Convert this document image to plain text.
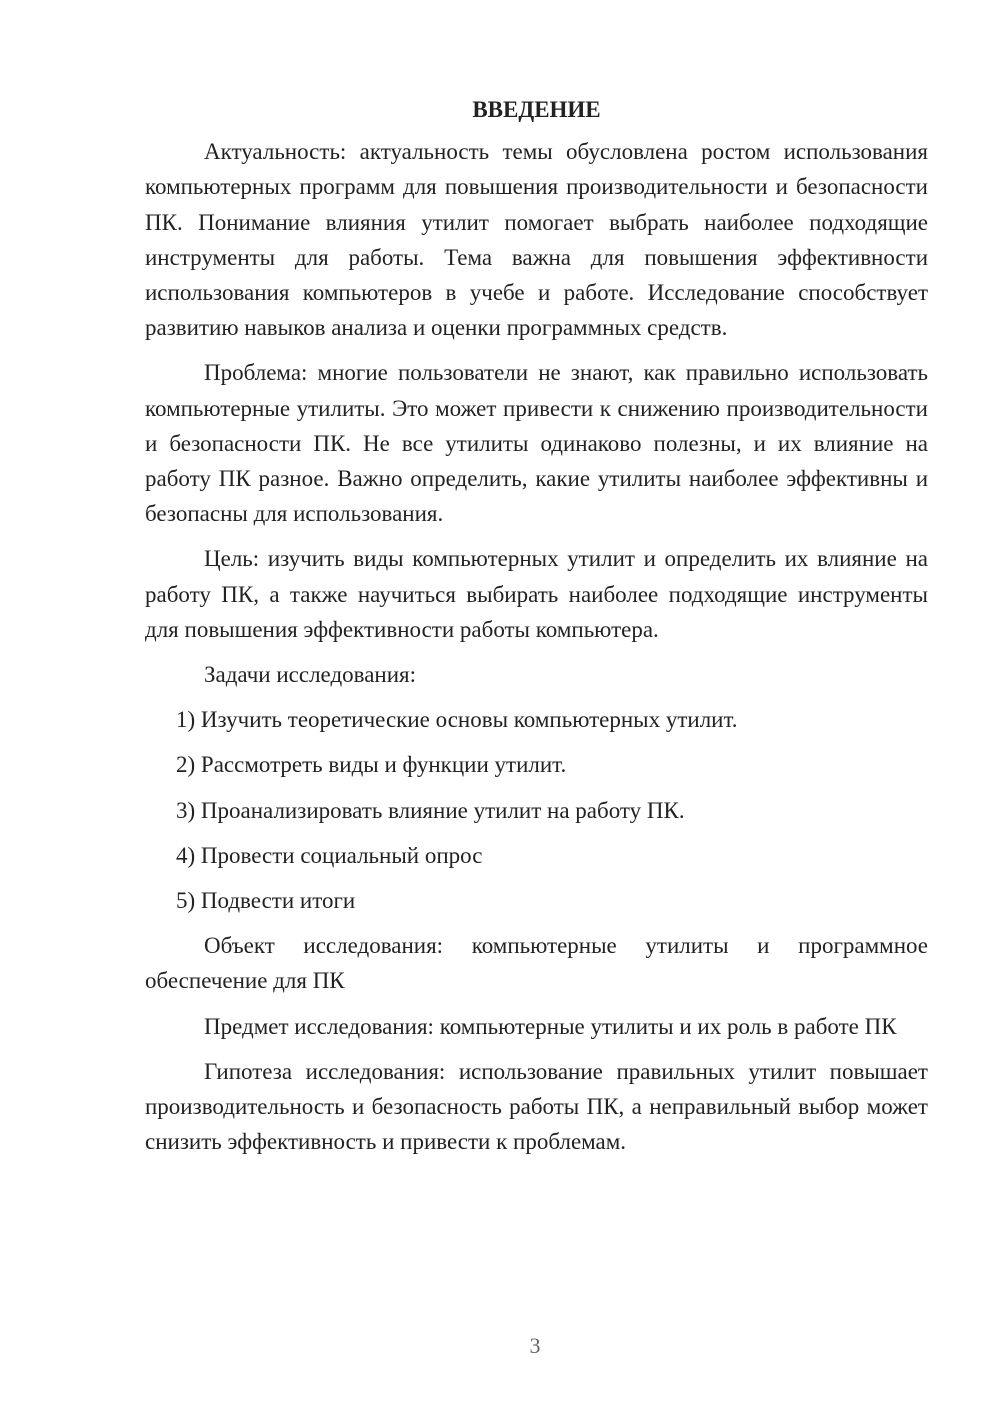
ВВЕДЕНИЕ

Актуальность: актуальность темы обусловлена ростом использования компьютерных программ для повышения производительности и безопасности ПК. Понимание влияния утилит помогает выбрать наиболее подходящие инструменты для работы. Тема важна для повышения эффективности использования компьютеров в учебе и работе. Исследование способствует развитию навыков анализа и оценки программных средств.

Проблема: многие пользователи не знают, как правильно использовать компьютерные утилиты. Это может привести к снижению производительности и безопасности ПК. Не все утилиты одинаково полезны, и их влияние на работу ПК разное. Важно определить, какие утилиты наиболее эффективны и безопасны для использования.

Цель: изучить виды компьютерных утилит и определить их влияние на работу ПК, а также научиться выбирать наиболее подходящие инструменты для повышения эффективности работы компьютера.

Задачи исследования:

1) Изучить теоретические основы компьютерных утилит.
2) Рассмотреть виды и функции утилит.
3) Проанализировать влияние утилит на работу ПК.
4) Провести социальный опрос
5) Подвести итоги

Объект исследования: компьютерные утилиты и программное обеспечение для ПК

Предмет исследования: компьютерные утилиты и их роль в работе ПК

Гипотеза исследования: использование правильных утилит повышает производительность и безопасность работы ПК, а неправильный выбор может снизить эффективность и привести к проблемам.

3
